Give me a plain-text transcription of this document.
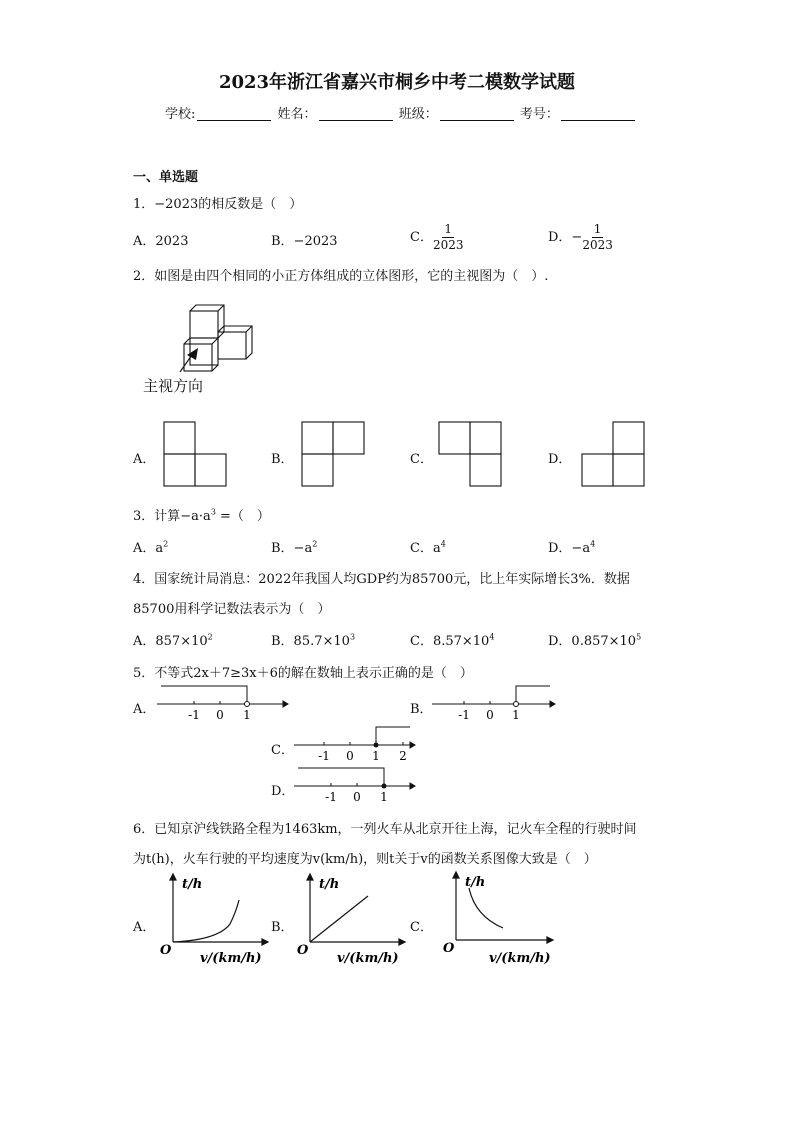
2023年浙江省嘉兴市桐乡中考二模数学试题
学校:	姓名：	班级：	考号：
一、单选题
1．−2023的相反数是（　）
A．2023	B．−2023	C． $\frac{1}{2023}$	D．− $\frac{1}{2023}$
2．如图是由四个相同的小正方体组成的立体图形，它的主视图为（　）.
主视方向
A．	B．	C．	D．
3．计算$-a\cdot a^3$ =（　）
A．$a^2$	B．$-a^2$	C．$a^4$	D．$-a^4$
4．国家统计局消息：2022年我国人均GDP约为85700元，比上年实际增长3%．数据
85700用科学记数法表示为（　）
A．$857\times 10^2$	B．$85.7\times 10^3$	C．$8.57\times 10^4$	D．$0.857\times 10^5$
5．不等式2x＋7≥3x＋6的解在数轴上表示正确的是（　）
A．	-1 0 1	B． -1 0 1
C． -1 0 1 2
D．	-1 0 1
6．已知京沪线铁路全程为1463km，一列火车从北京开往上海，记火车全程的行驶时间
为t(h)，火车行驶的平均速度为v(km/h)，则t关于v的函数关系图像大致是（　）
A．
t/h
O
v/(km/h)
B．
t/h
O
v/(km/h)
C．
t/h
O
v/(km/h)
